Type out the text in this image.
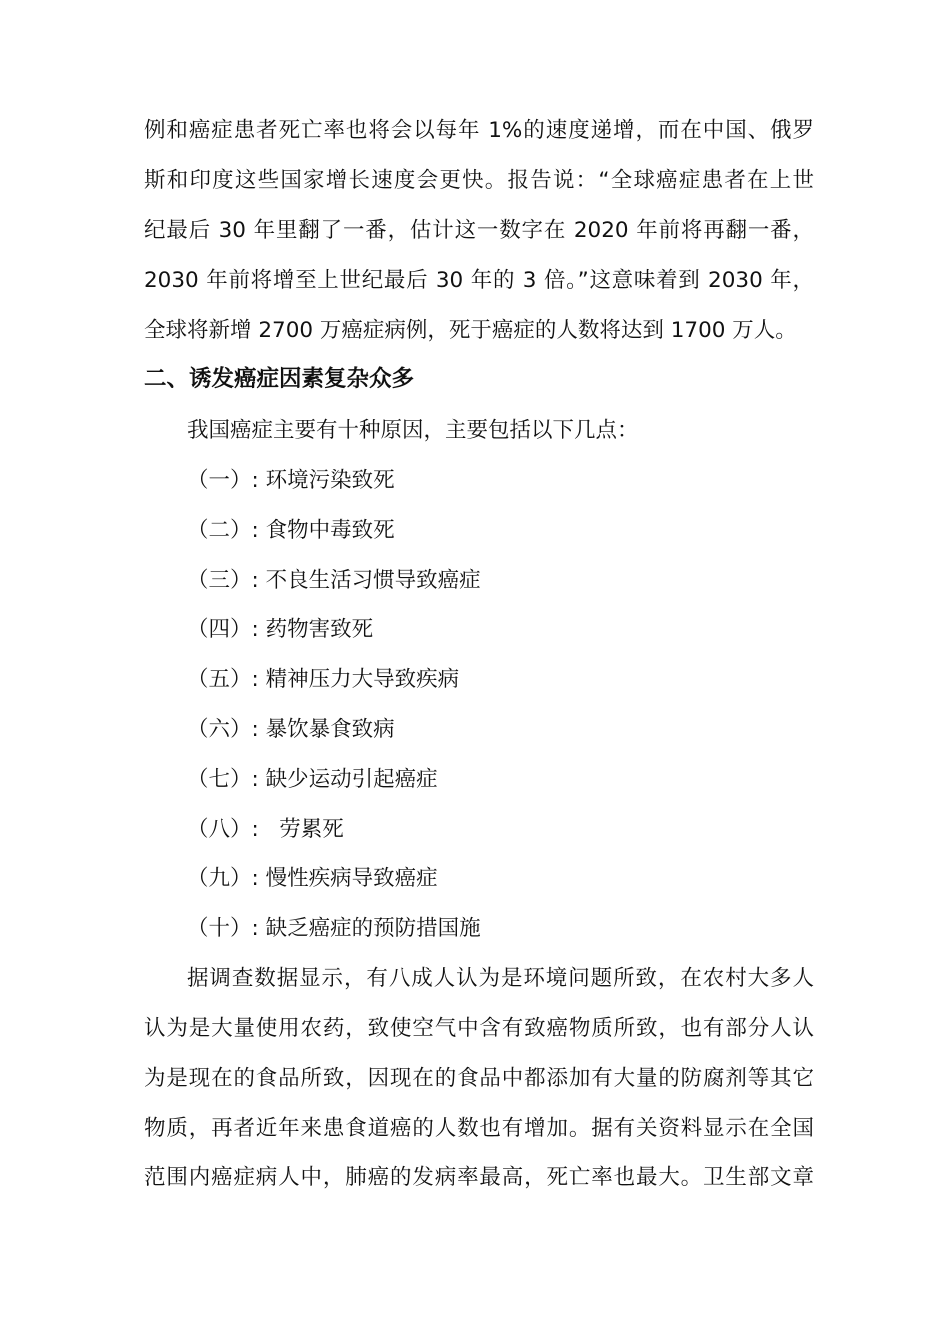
例和癌症患者死亡率也将会以每年 1%的速度递增，而在中国、俄罗
斯和印度这些国家增长速度会更快。报告说：“全球癌症患者在上世
纪最后 30 年里翻了一番，估计这一数字在 2020 年前将再翻一番，
2030 年前将增至上世纪最后 30 年的 3 倍。”这意味着到 2030 年，
全球将新增 2700 万癌症病例，死于癌症的人数将达到 1700 万人。
二、诱发癌症因素复杂众多
我国癌症主要有十种原因，主要包括以下几点：
（一）: 环境污染致死
（二）: 食物中毒致死
（三）: 不良生活习惯导致癌症
（四）: 药物害致死
（五）: 精神压力大导致疾病
（六）: 暴饮暴食致病
（七）: 缺少运动引起癌症
（八）:   劳累死
（九）: 慢性疾病导致癌症
（十）: 缺乏癌症的预防措国施
据调查数据显示，有八成人认为是环境问题所致，在农村大多人
认为是大量使用农药，致使空气中含有致癌物质所致，也有部分人认
为是现在的食品所致，因现在的食品中都添加有大量的防腐剂等其它
物质，再者近年来患食道癌的人数也有增加。据有关资料显示在全国
范围内癌症病人中，肺癌的发病率最高，死亡率也最大。卫生部文章
